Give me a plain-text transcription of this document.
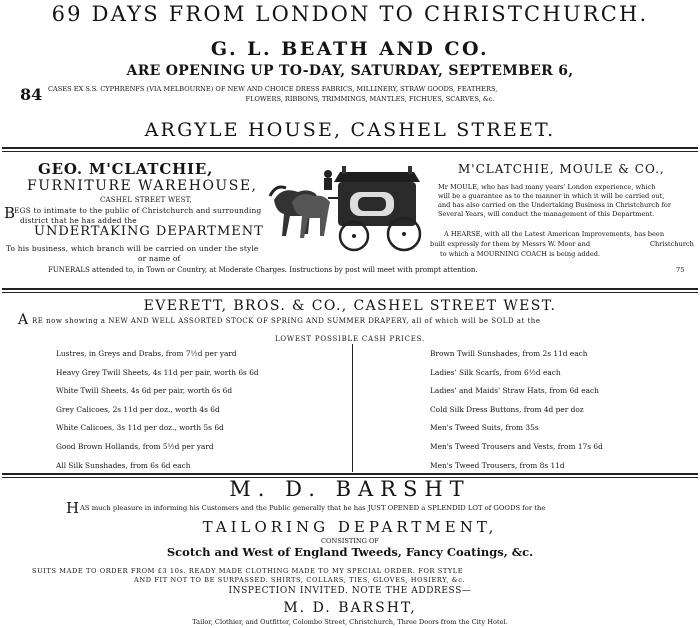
69 DAYS FROM LONDON TO CHRISTCHURCH.
G. L. BEATH AND CO.
ARE OPENING UP TO-DAY, SATURDAY, SEPTEMBER 6,
84 CASES EX S.S. CYPHRENFS (VIA MELBOURNE) OF NEW AND CHOICE DRESS FABRICS, MILLINERY, STRAW GOODS, FEATHERS,
FLOWERS, RIBBONS, TRIMMINGS, MANTLES, FICHUES, SCARVES, &c.
ARGYLE HOUSE, CASHEL STREET.
GEO. M'CLATCHIE,
FURNITURE WAREHOUSE,
CASHEL STREET WEST,
B
EGS to intimate to the public of Christchurch and surrounding
district that he has added the
UNDERTAKING DEPARTMENT
To his business, which branch will be carried on under the style
or name of
M'CLATCHIE, MOULE & CO.,
Mr MOULE, who has had many years' London experience, which
will be a guarantee as to the manner in which it will be carried out,
and has also carried on the Undertaking Business in Christchurch for
Several Years, will conduct the management of this Department.
A HEARSE, with all the Latest American Improvements, has been
built expressly for them by Messrs W. Moor and	Christchurch
to which a MOURNING COACH is being added.
FUNERALS attended to, in Town or Country, at Moderate Charges. Instructions by post will meet with prompt attention.	75
EVERETT, BROS. & CO., CASHEL STREET WEST.
A RE now showing a NEW AND WELL ASSORTED STOCK OF SPRING AND SUMMER DRAPERY, all of which will be SOLD at the
LOWEST POSSIBLE CASH PRICES.
Lustres, in Greys and Drabs, from 7½d per yard
Heavy Grey Twill Sheets, 4s 11d per pair, worth 6s 6d
White Twill Sheets, 4s 6d per pair, worth 6s 6d
Grey Calicoes, 2s 11d per doz., worth 4s 6d
White Calicoes, 3s 11d per doz., worth 5s 6d
Good Brown Hollands, from 5½d per yard
All Silk Sunshades, from 6s 6d each
Brown Twill Sunshades, from 2s 11d each
Ladies' Silk Scarfs, from 6½d each
Ladies' and Maids' Straw Hats, from 6d each
Cold Silk Dress Buttons, from 4d per doz
Men's Tweed Suits, from 35s
Men's Tweed Trousers and Vests, from 17s 6d
Men's Tweed Trousers, from 8s 11d
M. D. BARSHT
H AS much pleasure in informing his Customers and the Public generally that he has JUST OPENED a SPLENDID LOT of GOODS for the
TAILORING DEPARTMENT,
CONSISTING OF
Scotch and West of England Tweeds, Fancy Coatings, &c.
SUITS MADE TO ORDER FROM £3 10s. READY MADE CLOTHING MADE TO MY SPECIAL ORDER. FOR STYLE
AND FIT NOT TO BE SURPASSED. SHIRTS, COLLARS, TIES, GLOVES, HOSIERY, &c.
INSPECTION INVITED. NOTE THE ADDRESS—
M. D. BARSHT,
Tailor, Clothier, and Outfitter, Colombo Street, Christchurch, Three Doors from the City Hotel.
